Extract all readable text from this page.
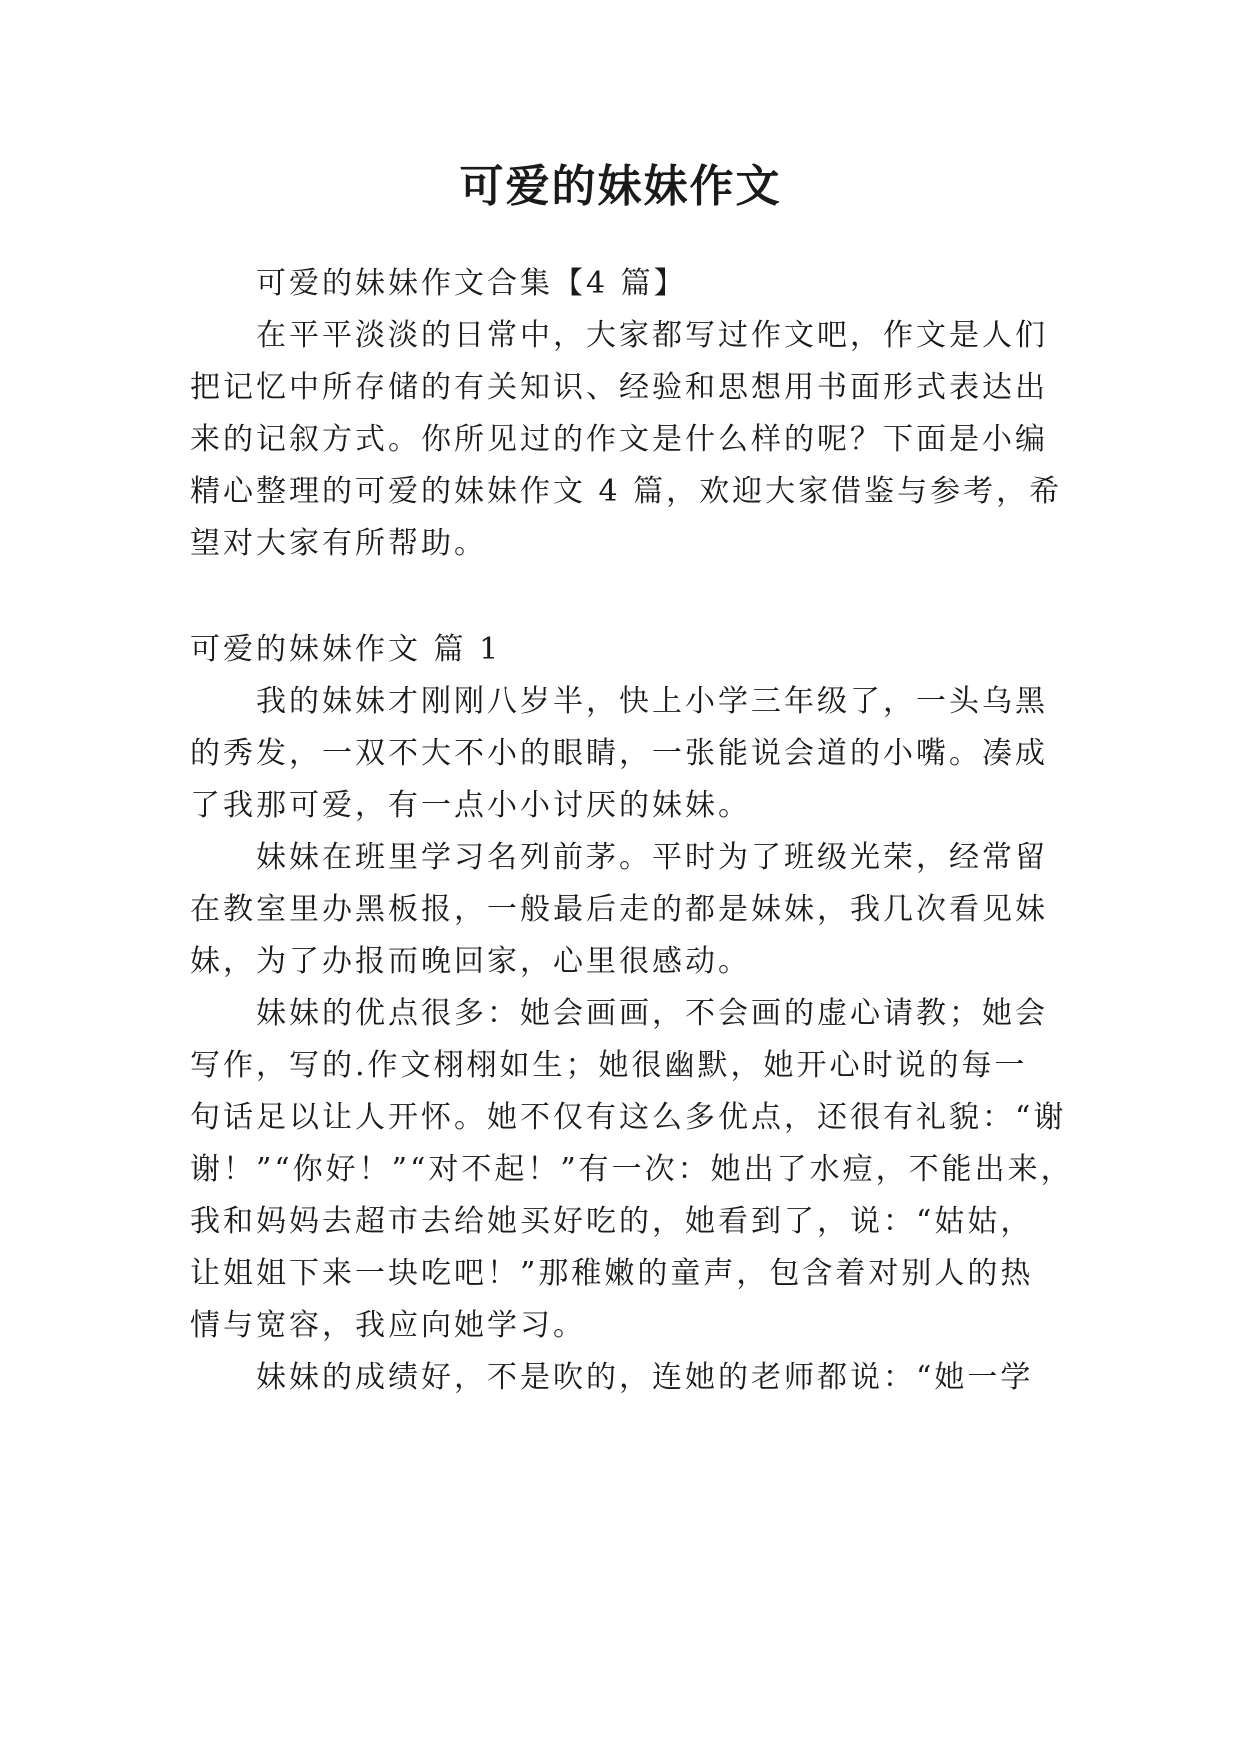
可爱的妹妹作文
可爱的妹妹作文合集【4 篇】
在平平淡淡的日常中，大家都写过作文吧，作文是人们
把记忆中所存储的有关知识、经验和思想用书面形式表达出
来的记叙方式。你所见过的作文是什么样的呢？下面是小编
精心整理的可爱的妹妹作文 4 篇，欢迎大家借鉴与参考，希
望对大家有所帮助。
可爱的妹妹作文 篇 1
我的妹妹才刚刚八岁半，快上小学三年级了，一头乌黑
的秀发，一双不大不小的眼睛，一张能说会道的小嘴。凑成
了我那可爱，有一点小小讨厌的妹妹。
妹妹在班里学习名列前茅。平时为了班级光荣，经常留
在教室里办黑板报，一般最后走的都是妹妹，我几次看见妹
妹，为了办报而晚回家，心里很感动。
妹妹的优点很多：她会画画，不会画的虚心请教；她会
写作，写的.作文栩栩如生；她很幽默，她开心时说的每一
句话足以让人开怀。她不仅有这么多优点，还很有礼貌：“谢
谢！”“你好！”“对不起！”有一次：她出了水痘，不能出来，
我和妈妈去超市去给她买好吃的，她看到了，说：“姑姑，
让姐姐下来一块吃吧！”那稚嫩的童声，包含着对别人的热
情与宽容，我应向她学习。
妹妹的成绩好，不是吹的，连她的老师都说：“她一学
